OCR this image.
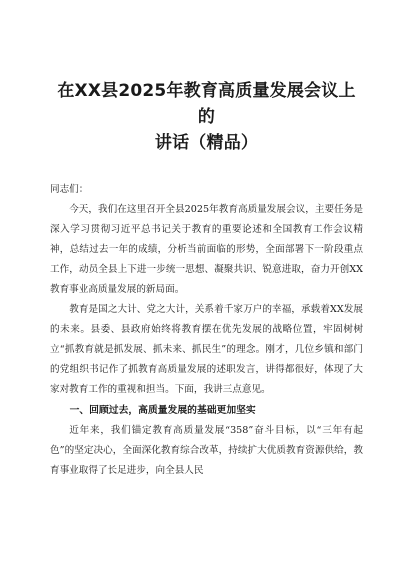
在XX县2025年教育高质量发展会议上的
讲话（精品）
同志们：

今天，我们在这里召开全县2025年教育高质量发展会议，主要任务是深入学习贯彻习近平总书记关于教育的重要论述和全国教育工作会议精神，总结过去一年的成绩，分析当前面临的形势，全面部署下一阶段重点工作，动员全县上下进一步统一思想、凝聚共识、锐意进取，奋力开创XX教育事业高质量发展的新局面。

教育是国之大计、党之大计，关系着千家万户的幸福，承载着XX发展的未来。县委、县政府始终将教育摆在优先发展的战略位置，牢固树树立“抓教育就是抓发展、抓未来、抓民生”的理念。刚才，几位乡镇和部门的党组织书记作了抓教育高质量发展的述职发言，讲得都很好，体现了大家对教育工作的重视和担当。下面，我讲三点意见。

一、回顾过去，高质量发展的基础更加坚实

近年来，我们锚定教育高质量发展“358”奋斗目标，以“三年有起色”的坚定决心，全面深化教育综合改革，持续扩大优质教育资源供给，教育事业取得了长足进步，向全县人民
